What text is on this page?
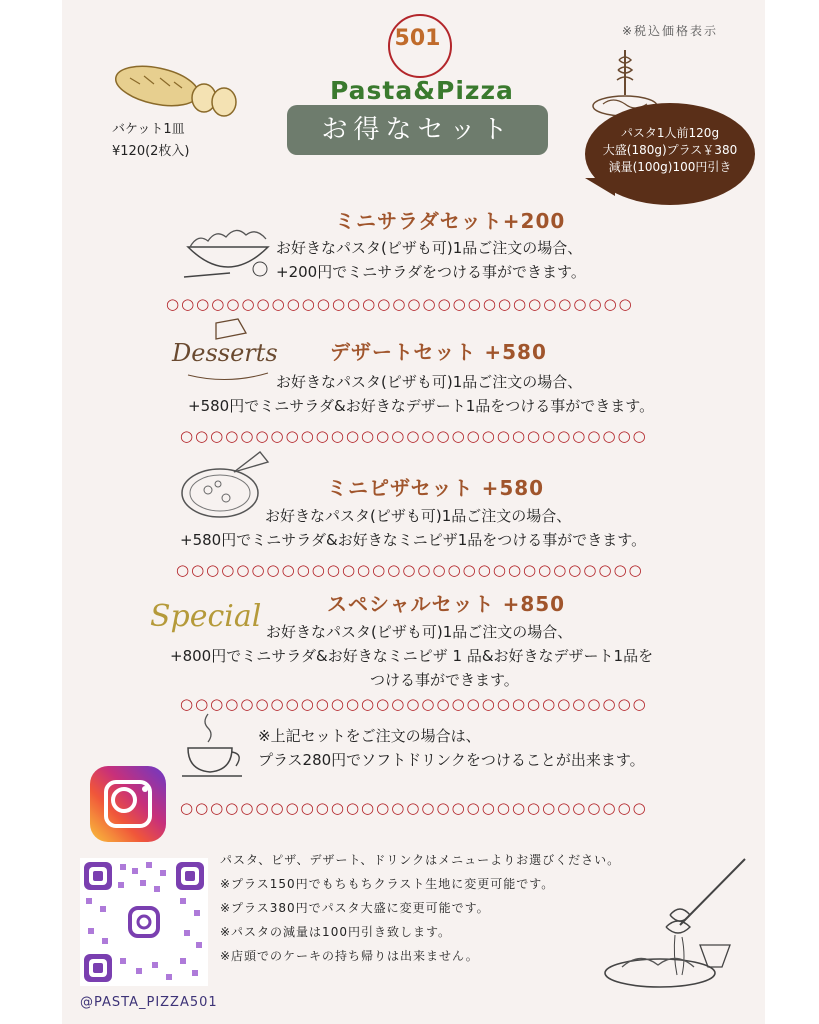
501
Pasta&Pizza
※税込価格表示
バケット1皿
¥120(2枚入)
お得なセット	パスタ1人前120g
大盛(180g)プラス￥380
減量(100g)100円引き
ミニサラダセット+200
お好きなパスタ(ピザも可)1品ご注文の場合、
+200円でミニサラダをつける事ができます。
○○○○○○○○○○○○○○○○○○○○○○○○○○○○○○○
Desserts	デザートセット +580
お好きなパスタ(ピザも可)1品ご注文の場合、
+580円でミニサラダ&お好きなデザート1品をつける事ができます。
○○○○○○○○○○○○○○○○○○○○○○○○○○○○○○○
ミニピザセット +580
お好きなパスタ(ピザも可)1品ご注文の場合、
+580円でミニサラダ&お好きなミニピザ1品をつける事ができます。
○○○○○○○○○○○○○○○○○○○○○○○○○○○○○○○
Special	スペシャルセット +850
お好きなパスタ(ピザも可)1品ご注文の場合、
+800円でミニサラダ&お好きなミニピザ 1 品&お好きなデザート1品を
つける事ができます。
○○○○○○○○○○○○○○○○○○○○○○○○○○○○○○○
※上記セットをご注文の場合は、
プラス280円でソフトドリンクをつけることが出来ます。
○○○○○○○○○○○○○○○○○○○○○○○○○○○○○○○
@PASTA_PIZZA501
パスタ、ピザ、デザート、ドリンクはメニューよりお選びください。
※プラス150円でもちもちクラスト生地に変更可能です。
※プラス380円でパスタ大盛に変更可能です。
※パスタの減量は100円引き致します。
※店頭でのケーキの持ち帰りは出来ません。
